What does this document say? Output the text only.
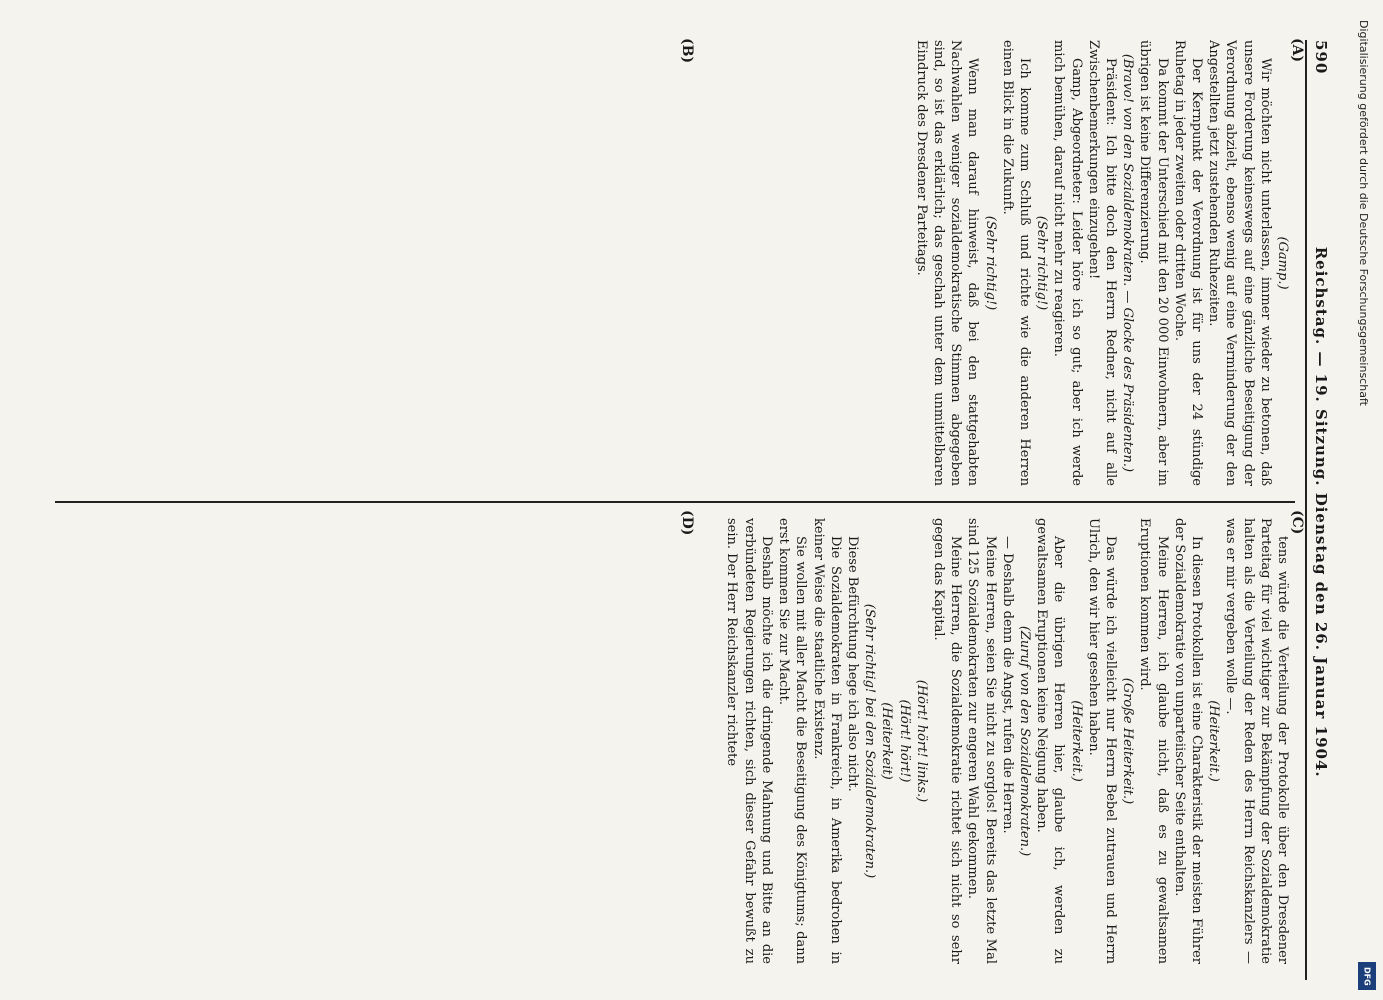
590
Reichstag. — 19. Sitzung. Dienstag den 26. Januar 1904.
(A)
(B)
(C)
(D)

(Gamp.)

Wir möchten nicht unterlassen, immer wieder zu betonen, daß unsere Forderung keineswegs auf eine gänzliche Beseitigung der Verordnung abzielt, ebenso wenig auf eine Verminderung der den Angestellten jetzt zustehenden Ruhezeiten.

Der Kernpunkt der Verordnung ist für uns der 24 stündige Ruhetag in jeder zweiten oder dritten Woche.

Da kommt der Unterschied mit den 20 000 Einwohnern, aber im übrigen ist keine Differenzierung.

(Bravo! von den Sozialdemokraten. — Glocke des Präsidenten.)

Präsident: Ich bitte doch den Herrn Redner, nicht auf alle Zwischenbemerkungen einzugehen!

Gamp, Abgeordneter: Leider höre ich so gut; aber ich werde mich bemühen, darauf nicht mehr zu reagieren.

(Sehr richtig!)

Ich komme zum Schluß und richte wie die anderen Herren einen Blick in die Zukunft.

(Sehr richtig!)

Wenn man darauf hinweist, daß bei den stattgehabten Nachwahlen weniger sozialdemokratische Stimmen abgegeben sind, so ist das erklärlich; das geschah unter dem unmittelbaren Eindruck des Dresdener Parteitags.

tens würde die Verteilung der Protokolle über den Dresdener Parteitag für viel wichtiger zur Bekämpfung der Sozialdemokratie halten als die Verteilung der Reden des Herrn Reichskanzlers — was er mir vergeben wolle —.

(Heiterkeit.)

In diesen Protokollen ist eine Charakteristik der meisten Führer der Sozialdemokratie von unparteiischer Seite enthalten.

Meine Herren, ich glaube nicht, daß es zu gewaltsamen Eruptionen kommen wird.

(Große Heiterkeit.)

Das würde ich vielleicht nur Herrn Bebel zutrauen und Herrn Ulrich, den wir hier gesehen haben.

(Heiterkeit.)

Aber die übrigen Herren hier, glaube ich, werden zu gewaltsamen Eruptionen keine Neigung haben.

(Zuruf von den Sozialdemokraten.)

— Deshalb denn die Angst, rufen die Herren.

Meine Herren, seien Sie nicht zu sorglos! Bereits das letzte Mal sind 125 Sozialdemokraten zur engeren Wahl gekommen.

Meine Herren, die Sozialdemokratie richtet sich nicht so sehr gegen das Kapital.

(Hört! hört! links.)

(Hört! hört!)

(Heiterkeit)

(Sehr richtig! bei den Sozialdemokraten.)

Diese Befürchtung hege ich also nicht.

Die Sozialdemokraten in Frankreich, in Amerika bedrohen in keiner Weise die staatliche Existenz.

Sie wollen mit aller Macht die Beseitigung des Königtums; dann erst kommen Sie zur Macht.

Deshalb möchte ich die dringende Mahnung und Bitte an die verbündeten Regierungen richten, sich dieser Gefahr bewußt zu sein. Der Herr Reichskanzler richtete

Digitalisierung gefördert durch die Deutsche Forschungsgemeinschaft
DFG
